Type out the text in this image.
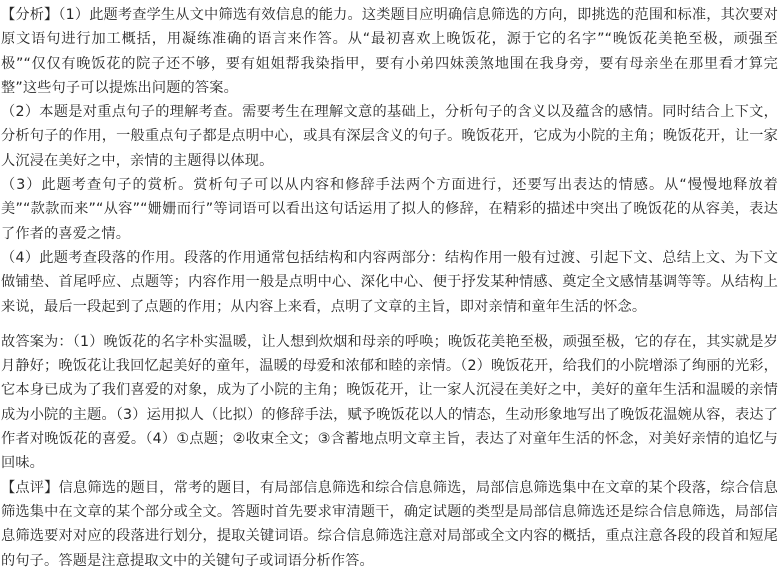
【分析】（1）此题考查学生从文中筛选有效信息的能力。这类题目应明确信息筛选的方向，即挑选的范围和标准，其次要对原文语句进行加工概括，用凝练准确的语言来作答。从“最初喜欢上晚饭花，源于它的名字”“晚饭花美艳至极，顽强至极”“仅仅有晚饭花的院子还不够，要有姐姐帮我染指甲，要有小弟四妹羡煞地围在我身旁，要有母亲坐在那里看才算完整”这些句子可以提炼出问题的答案。

（2）本题是对重点句子的理解考查。需要考生在理解文意的基础上，分析句子的含义以及蕴含的感情。同时结合上下文，分析句子的作用，一般重点句子都是点明中心，或具有深层含义的句子。晚饭花开，它成为小院的主角；晚饭花开，让一家人沉浸在美好之中，亲情的主题得以体现。

（3）此题考查句子的赏析。赏析句子可以从内容和修辞手法两个方面进行，还要写出表达的情感。从“慢慢地释放着美”“款款而来”“从容”“姗姗而行”等词语可以看出这句话运用了拟人的修辞，在精彩的描述中突出了晚饭花的从容美，表达了作者的喜爱之情。

（4）此题考查段落的作用。段落的作用通常包括结构和内容两部分：结构作用一般有过渡、引起下文、总结上文、为下文做铺垫、首尾呼应、点题等；内容作用一般是点明中心、深化中心、便于抒发某种情感、奠定全文感情基调等等。从结构上来说，最后一段起到了点题的作用；从内容上来看，点明了文章的主旨，即对亲情和童年生活的怀念。

故答案为：（1）晚饭花的名字朴实温暖，让人想到炊烟和母亲的呼唤；晚饭花美艳至极，顽强至极，它的存在，其实就是岁月静好；晚饭花让我回忆起美好的童年，温暖的母爱和浓郁和睦的亲情。（2）晚饭花开，给我们的小院增添了绚丽的光彩，它本身已成为了我们喜爱的对象，成为了小院的主角；晚饭花开，让一家人沉浸在美好之中，美好的童年生活和温暖的亲情成为小院的主题。（3）运用拟人（比拟）的修辞手法，赋予晚饭花以人的情态，生动形象地写出了晚饭花温婉从容，表达了作者对晚饭花的喜爱。（4）①点题；②收束全文；③含蓄地点明文章主旨，表达了对童年生活的怀念，对美好亲情的追忆与回味。

【点评】信息筛选的题目，常考的题目，有局部信息筛选和综合信息筛选，局部信息筛选集中在文章的某个段落，综合信息筛选集中在文章的某个部分或全文。答题时首先要求审清题干，确定试题的类型是局部信息筛选还是综合信息筛选，局部信息筛选要对对应的段落进行划分，提取关键词语。综合信息筛选注意对局部或全文内容的概括，重点注意各段的段首和短尾的句子。答题是注意提取文中的关键句子或词语分析作答。
